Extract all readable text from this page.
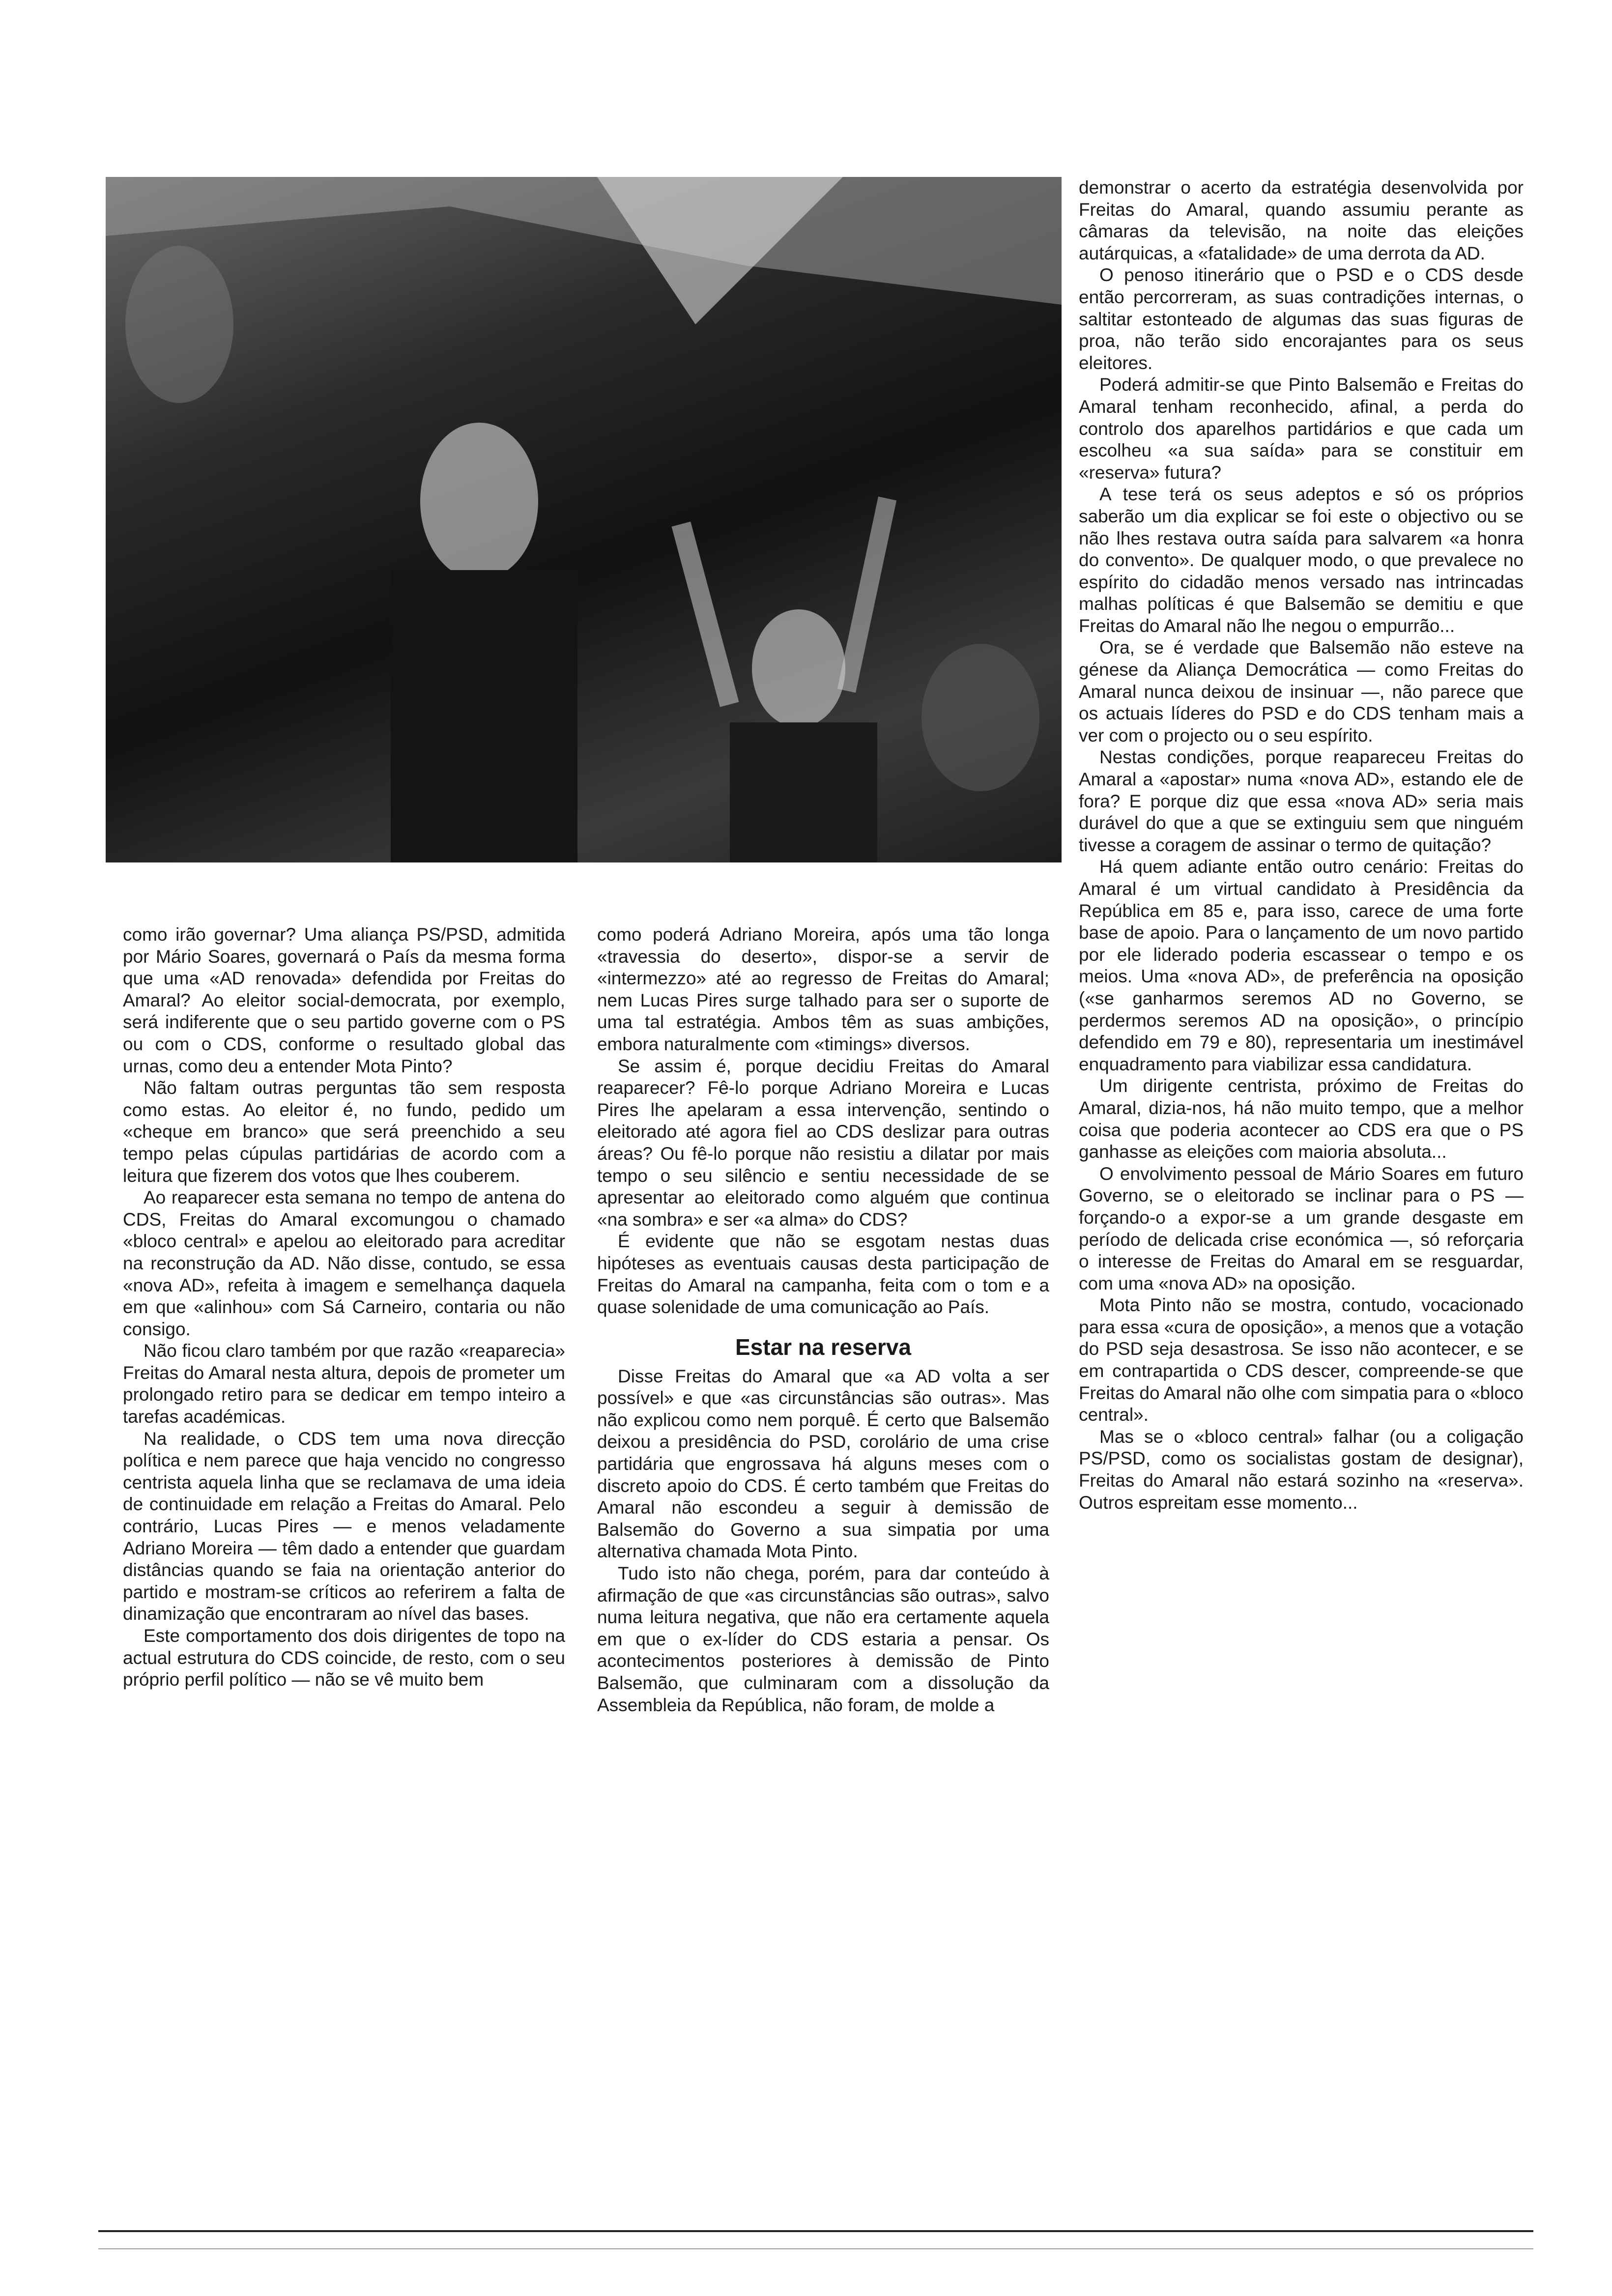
como irão governar? Uma aliança PS/PSD, admitida por Mário Soares, governará o País da mesma forma que uma «AD renovada» defendida por Freitas do Amaral? Ao eleitor social-democrata, por exemplo, será indiferente que o seu partido governe com o PS ou com o CDS, conforme o resultado global das urnas, como deu a entender Mota Pinto?

Não faltam outras perguntas tão sem resposta como estas. Ao eleitor é, no fundo, pedido um «cheque em branco» que será preenchido a seu tempo pelas cúpulas partidárias de acordo com a leitura que fizerem dos votos que lhes couberem.

Ao reaparecer esta semana no tempo de antena do CDS, Freitas do Amaral excomungou o chamado «bloco central» e apelou ao eleitorado para acreditar na reconstrução da AD. Não disse, contudo, se essa «nova AD», refeita à imagem e semelhança daquela em que «alinhou» com Sá Carneiro, contaria ou não consigo.

Não ficou claro também por que razão «reaparecia» Freitas do Amaral nesta altura, depois de prometer um prolongado retiro para se dedicar em tempo inteiro a tarefas académicas.

Na realidade, o CDS tem uma nova direcção política e nem parece que haja vencido no congresso centrista aquela linha que se reclamava de uma ideia de continuidade em relação a Freitas do Amaral. Pelo contrário, Lucas Pires — e menos veladamente Adriano Moreira — têm dado a entender que guardam distâncias quando se faia na orientação anterior do partido e mostram-se críticos ao referirem a falta de dinamização que encontraram ao nível das bases.

Este comportamento dos dois dirigentes de topo na actual estrutura do CDS coincide, de resto, com o seu próprio perfil político — não se vê muito bem

como poderá Adriano Moreira, após uma tão longa «travessia do deserto», dispor-se a servir de «intermezzo» até ao regresso de Freitas do Amaral; nem Lucas Pires surge talhado para ser o suporte de uma tal estratégia. Ambos têm as suas ambições, embora naturalmente com «timings» diversos.

Se assim é, porque decidiu Freitas do Amaral reaparecer? Fê-lo porque Adriano Moreira e Lucas Pires lhe apelaram a essa intervenção, sentindo o eleitorado até agora fiel ao CDS deslizar para outras áreas? Ou fê-lo porque não resistiu a dilatar por mais tempo o seu silêncio e sentiu necessidade de se apresentar ao eleitorado como alguém que continua «na sombra» e ser «a alma» do CDS?

É evidente que não se esgotam nestas duas hipóteses as eventuais causas desta participação de Freitas do Amaral na campanha, feita com o tom e a quase solenidade de uma comunicação ao País.

Estar na reserva

Disse Freitas do Amaral que «a AD volta a ser possível» e que «as circunstâncias são outras». Mas não explicou como nem porquê. É certo que Balsemão deixou a presidência do PSD, corolário de uma crise partidária que engrossava há alguns meses com o discreto apoio do CDS. É certo também que Freitas do Amaral não escondeu a seguir à demissão de Balsemão do Governo a sua simpatia por uma alternativa chamada Mota Pinto.

Tudo isto não chega, porém, para dar conteúdo à afirmação de que «as circunstâncias são outras», salvo numa leitura negativa, que não era certamente aquela em que o ex-líder do CDS estaria a pensar. Os acontecimentos posteriores à demissão de Pinto Balsemão, que culminaram com a dissolução da Assembleia da República, não foram, de molde a

demonstrar o acerto da estratégia desenvolvida por Freitas do Amaral, quando assumiu perante as câmaras da televisão, na noite das eleições autárquicas, a «fatalidade» de uma derrota da AD.

O penoso itinerário que o PSD e o CDS desde então percorreram, as suas contradições internas, o saltitar estonteado de algumas das suas figuras de proa, não terão sido encorajantes para os seus eleitores.

Poderá admitir-se que Pinto Balsemão e Freitas do Amaral tenham reconhecido, afinal, a perda do controlo dos aparelhos partidários e que cada um escolheu «a sua saída» para se constituir em «reserva» futura?

A tese terá os seus adeptos e só os próprios saberão um dia explicar se foi este o objectivo ou se não lhes restava outra saída para salvarem «a honra do convento». De qualquer modo, o que prevalece no espírito do cidadão menos versado nas intrincadas malhas políticas é que Balsemão se demitiu e que Freitas do Amaral não lhe negou o empurrão...

Ora, se é verdade que Balsemão não esteve na génese da Aliança Democrática — como Freitas do Amaral nunca deixou de insinuar —, não parece que os actuais líderes do PSD e do CDS tenham mais a ver com o projecto ou o seu espírito.

Nestas condições, porque reapareceu Freitas do Amaral a «apostar» numa «nova AD», estando ele de fora? E porque diz que essa «nova AD» seria mais durável do que a que se extinguiu sem que ninguém tivesse a coragem de assinar o termo de quitação?

Há quem adiante então outro cenário: Freitas do Amaral é um virtual candidato à Presidência da República em 85 e, para isso, carece de uma forte base de apoio. Para o lançamento de um novo partido por ele liderado poderia escassear o tempo e os meios. Uma «nova AD», de preferência na oposição («se ganharmos seremos AD no Governo, se perdermos seremos AD na oposição», o princípio defendido em 79 e 80), representaria um inestimável enquadramento para viabilizar essa candidatura.

Um dirigente centrista, próximo de Freitas do Amaral, dizia-nos, há não muito tempo, que a melhor coisa que poderia acontecer ao CDS era que o PS ganhasse as eleições com maioria absoluta...

O envolvimento pessoal de Mário Soares em futuro Governo, se o eleitorado se inclinar para o PS — forçando-o a expor-se a um grande desgaste em período de delicada crise económica —, só reforçaria o interesse de Freitas do Amaral em se resguardar, com uma «nova AD» na oposição.

Mota Pinto não se mostra, contudo, vocacionado para essa «cura de oposição», a menos que a votação do PSD seja desastrosa. Se isso não acontecer, e se em contrapartida o CDS descer, compreende-se que Freitas do Amaral não olhe com simpatia para o «bloco central».

Mas se o «bloco central» falhar (ou a coligação PS/PSD, como os socialistas gostam de designar), Freitas do Amaral não estará sozinho na «reserva». Outros espreitam esse momento...
